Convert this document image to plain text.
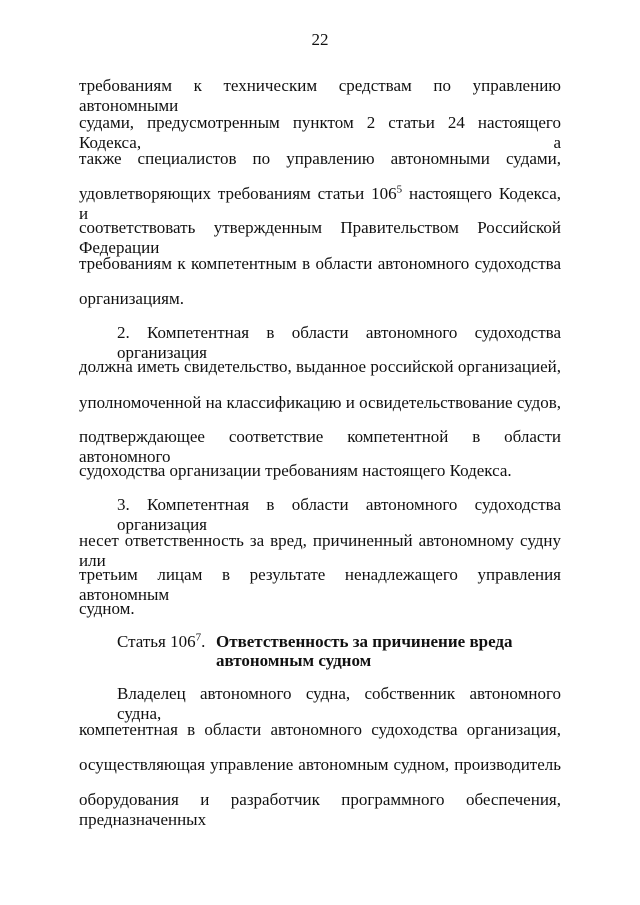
22
требованиям к техническим средствам по управлению автономными
судами, предусмотренным пунктом 2 статьи 24 настоящего Кодекса, а
также специалистов по управлению автономными судами,
удовлетворяющих требованиям статьи $106^5$ настоящего Кодекса, и
соответствовать утвержденным Правительством Российской Федерации
требованиям к компетентным в области автономного судоходства
организациям.
2. Компетентная в области автономного судоходства организация
должна иметь свидетельство, выданное российской организацией,
уполномоченной на классификацию и освидетельствование судов,
подтверждающее соответствие компетентной в области автономного
судоходства организации требованиям настоящего Кодекса.
3. Компетентная в области автономного судоходства организация
несет ответственность за вред, причиненный автономному судну или
третьим лицам в результате ненадлежащего управления автономным
судном.
Статья $106^7$. Ответственность за причинение вреда
автономным судном
Владелец автономного судна, собственник автономного судна,
компетентная в области автономного судоходства организация,
осуществляющая управление автономным судном, производитель
оборудования и разработчик программного обеспечения, предназначенных
